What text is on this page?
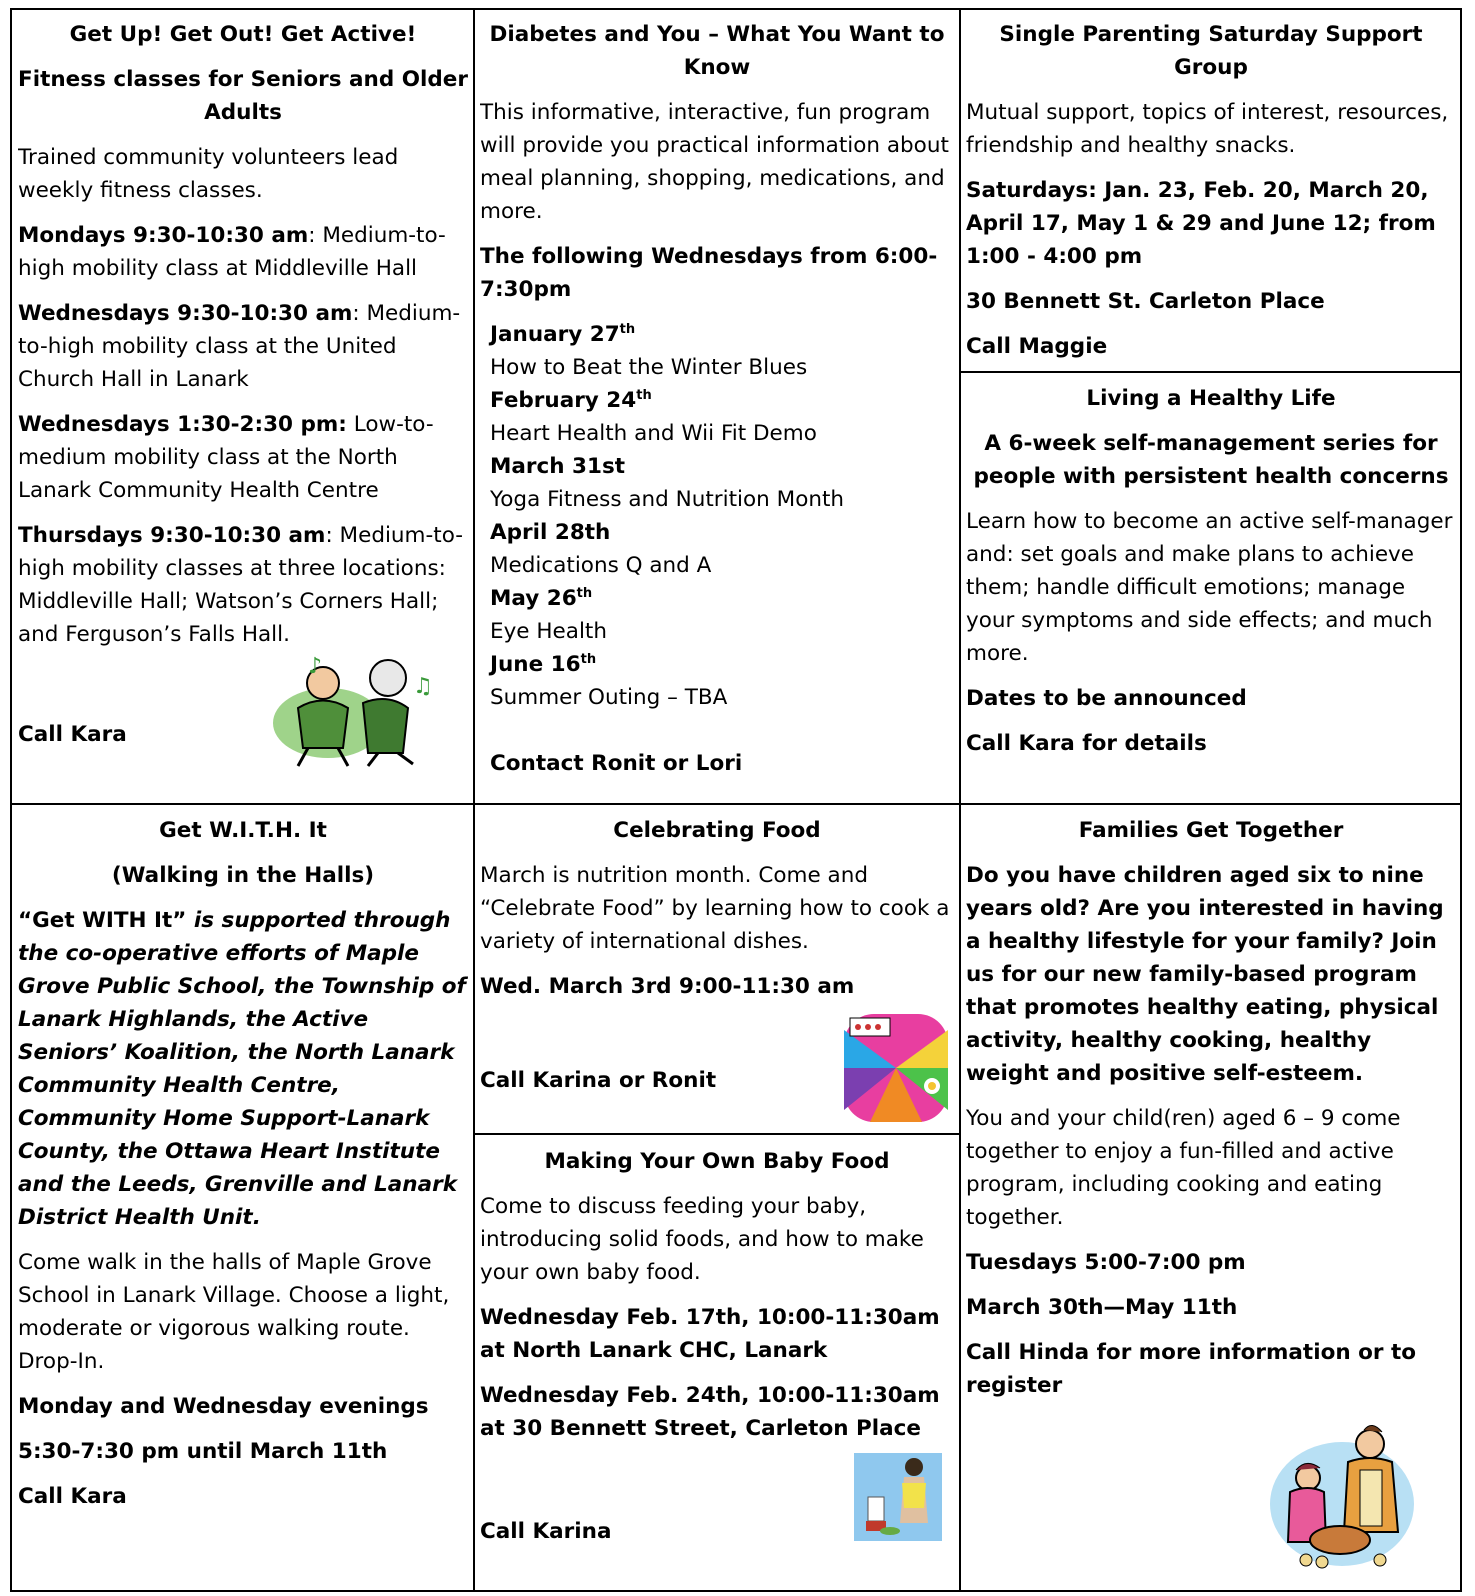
Get Up! Get Out! Get Active!

Fitness classes for Seniors and Older Adults

Trained community volunteers lead weekly fitness classes.

Mondays 9:30-10:30 am: Medium-to-high mobility class at Middleville Hall

Wednesdays 9:30-10:30 am: Medium-to-high mobility class at the United Church Hall in Lanark

Wednesdays 1:30-2:30 pm: Low-to-medium mobility class at the North Lanark Community Health Centre

Thursdays 9:30-10:30 am: Medium-to-high mobility classes at three locations: Middleville Hall; Watson’s Corners Hall; and Ferguson’s Falls Hall.

Call Kara

♪
♫

Diabetes and You – What You Want to Know

This informative, interactive, fun program will provide you practical information about meal planning, shopping, medications, and more.

The following Wednesdays from 6:00-7:30pm

January 27th
How to Beat the Winter Blues
February 24th
Heart Health and Wii Fit Demo
March 31st
Yoga Fitness and Nutrition Month
April 28th
Medications Q and A
May 26th
Eye Health
June 16th
Summer Outing – TBA
Contact Ronit or Lori

Single Parenting Saturday Support Group

Mutual support, topics of interest, resources, friendship and healthy snacks.

Saturdays: Jan. 23, Feb. 20, March 20, April 17, May 1 & 29 and June 12; from 1:00 - 4:00 pm

30 Bennett St. Carleton Place

Call Maggie

Living a Healthy Life

A 6-week self-management series for people with persistent health concerns

Learn how to become an active self-manager and: set goals and make plans to achieve them; handle difficult emotions; manage your symptoms and side effects; and much more.

Dates to be announced

Call Kara for details

Get W.I.T.H. It

(Walking in the Halls)

“Get WITH It” is supported through the co-operative efforts of Maple Grove Public School, the Township of Lanark Highlands, the Active Seniors’ Koalition, the North Lanark Community Health Centre, Community Home Support-Lanark County, the Ottawa Heart Institute and the Leeds, Grenville and Lanark District Health Unit.

Come walk in the halls of Maple Grove School in Lanark Village. Choose a light, moderate or vigorous walking route. Drop-In.

Monday and Wednesday evenings

5:30-7:30 pm until March 11th

Call Kara

Celebrating Food

March is nutrition month. Come and “Celebrate Food” by learning how to cook a variety of international dishes.

Wed. March 3rd 9:00-11:30 am

Call Karina or Ronit

Making Your Own Baby Food

Come to discuss feeding your baby, introducing solid foods, and how to make your own baby food.

Wednesday Feb. 17th, 10:00-11:30am at North Lanark CHC, Lanark

Wednesday Feb. 24th, 10:00-11:30am at 30 Bennett Street, Carleton Place

Call Karina

Families Get Together

Do you have children aged six to nine years old? Are you interested in having a healthy lifestyle for your family? Join us for our new family-based program that promotes healthy eating, physical activity, healthy cooking, healthy weight and positive self-esteem.

You and your child(ren) aged 6 – 9 come together to enjoy a fun-filled and active program, including cooking and eating together.

Tuesdays 5:00-7:00 pm

March 30th—May 11th

Call Hinda for more information or to register
